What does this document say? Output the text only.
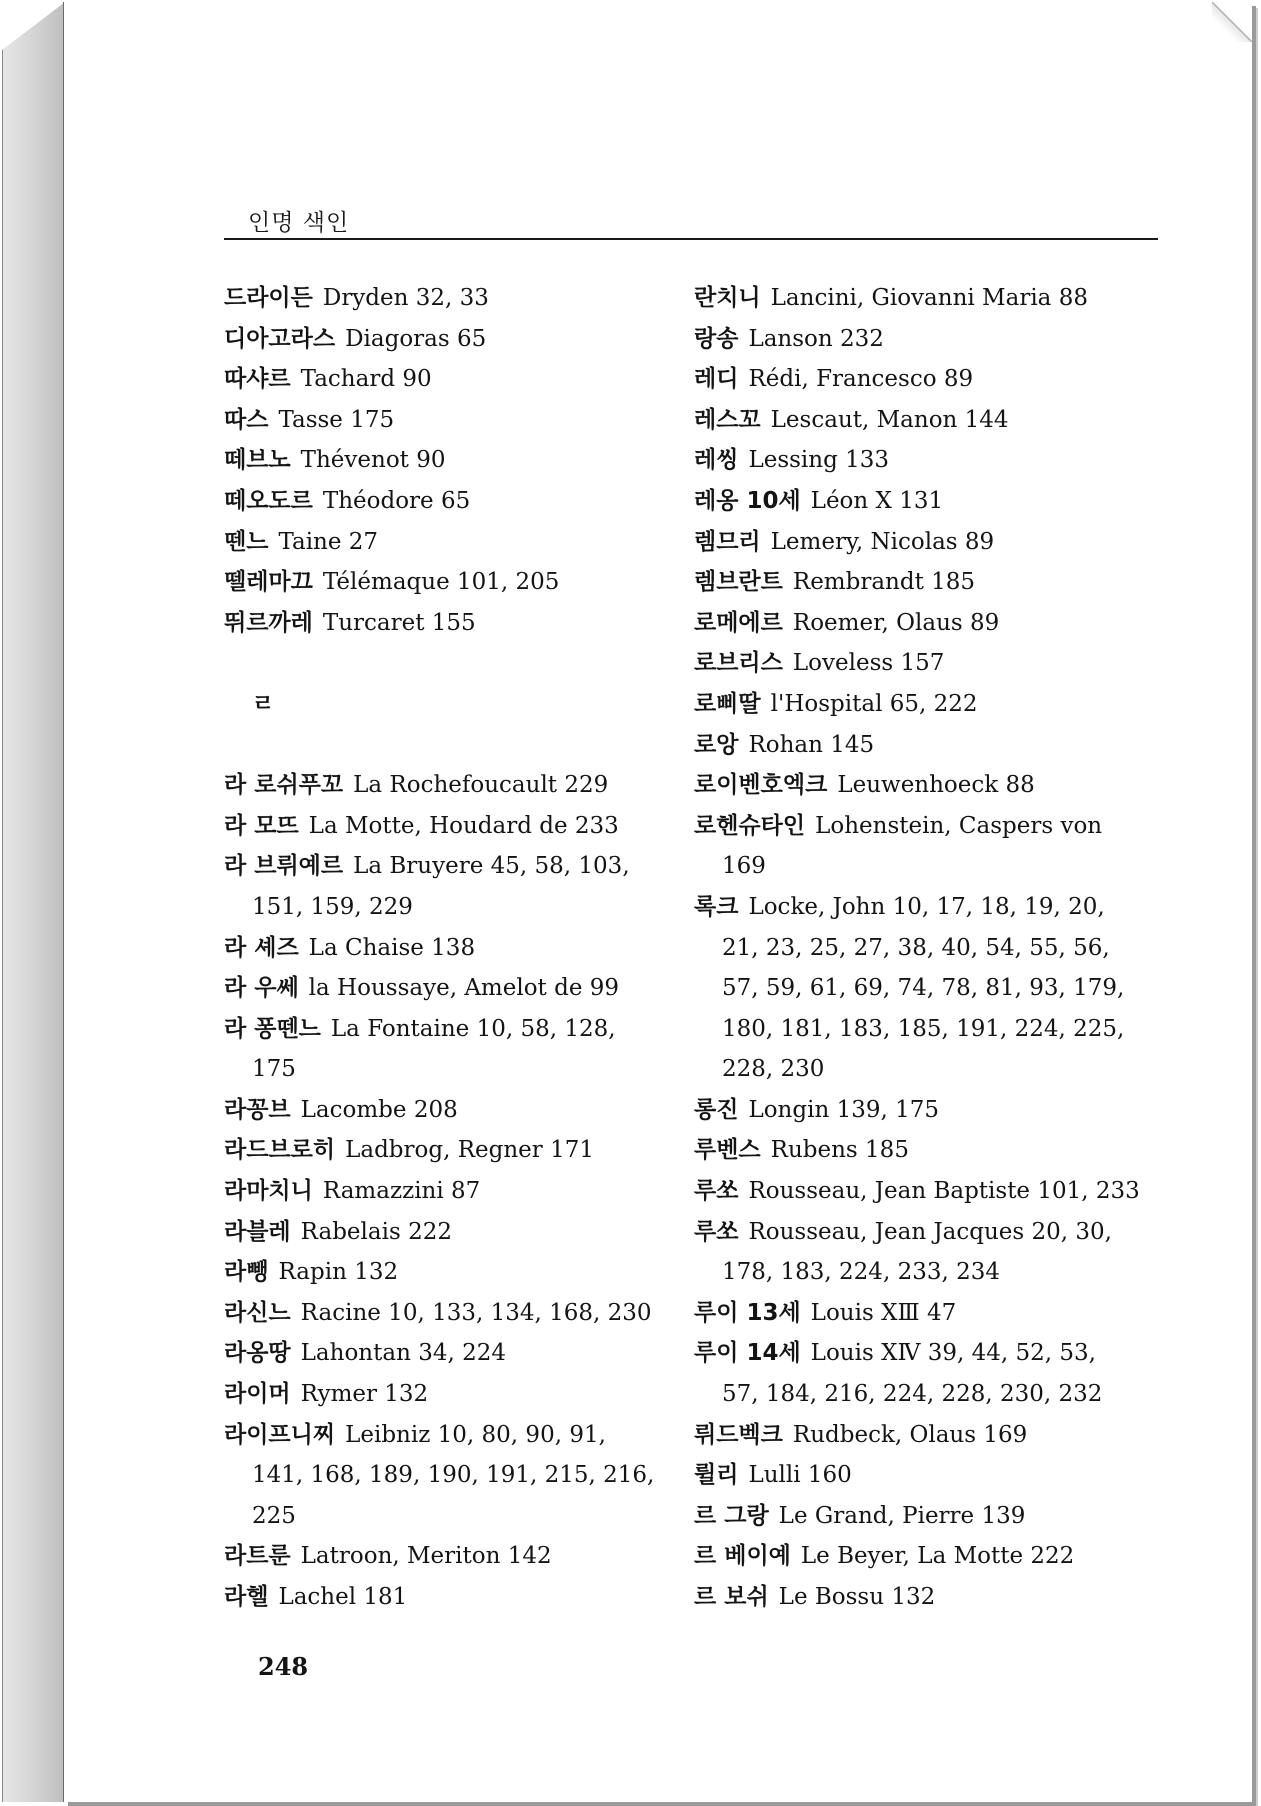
인명 색인
드라이든 Dryden 32, 33
디아고라스 Diagoras 65
따샤르 Tachard 90
따스 Tasse 175
떼브노 Thévenot 90
떼오도르 Théodore 65
뗀느 Taine 27
뗄레마끄 Télémaque 101, 205
뛰르까레 Turcaret 155
ㄹ
라 로쉬푸꼬 La Rochefoucault 229
라 모뜨 La Motte, Houdard de 233
라 브뤼예르 La Bruyere 45, 58, 103,
151, 159, 229
라 셰즈 La Chaise 138
라 우쎄 la Houssaye, Amelot de 99
라 퐁뗀느 La Fontaine 10, 58, 128,
175
라꽁브 Lacombe 208
라드브로히 Ladbrog, Regner 171
라마치니 Ramazzini 87
라블레 Rabelais 222
라뺑 Rapin 132
라신느 Racine 10, 133, 134, 168, 230
라옹땅 Lahontan 34, 224
라이머 Rymer 132
라이프니찌 Leibniz 10, 80, 90, 91,
141, 168, 189, 190, 191, 215, 216,
225
라트룬 Latroon, Meriton 142
라헬 Lachel 181
란치니 Lancini, Giovanni Maria 88
랑송 Lanson 232
레디 Rédi, Francesco 89
레스꼬 Lescaut, Manon 144
레씽 Lessing 133
레옹 10세 Léon Ⅹ 131
렘므리 Lemery, Nicolas 89
렘브란트 Rembrandt 185
로메에르 Roemer, Olaus 89
로브리스 Loveless 157
로삐딸 l'Hospital 65, 222
로앙 Rohan 145
로이벤호엑크 Leuwenhoeck 88
로헨슈타인 Lohenstein, Caspers von
169
록크 Locke, John 10, 17, 18, 19, 20,
21, 23, 25, 27, 38, 40, 54, 55, 56,
57, 59, 61, 69, 74, 78, 81, 93, 179,
180, 181, 183, 185, 191, 224, 225,
228, 230
롱진 Longin 139, 175
루벤스 Rubens 185
루쏘 Rousseau, Jean Baptiste 101, 233
루쏘 Rousseau, Jean Jacques 20, 30,
178, 183, 224, 233, 234
루이 13세 Louis ⅩⅢ 47
루이 14세 Louis ⅩⅣ 39, 44, 52, 53,
57, 184, 216, 224, 228, 230, 232
뤼드벡크 Rudbeck, Olaus 169
륄리 Lulli 160
르 그랑 Le Grand, Pierre 139
르 베이예 Le Beyer, La Motte 222
르 보쉬 Le Bossu 132
248
